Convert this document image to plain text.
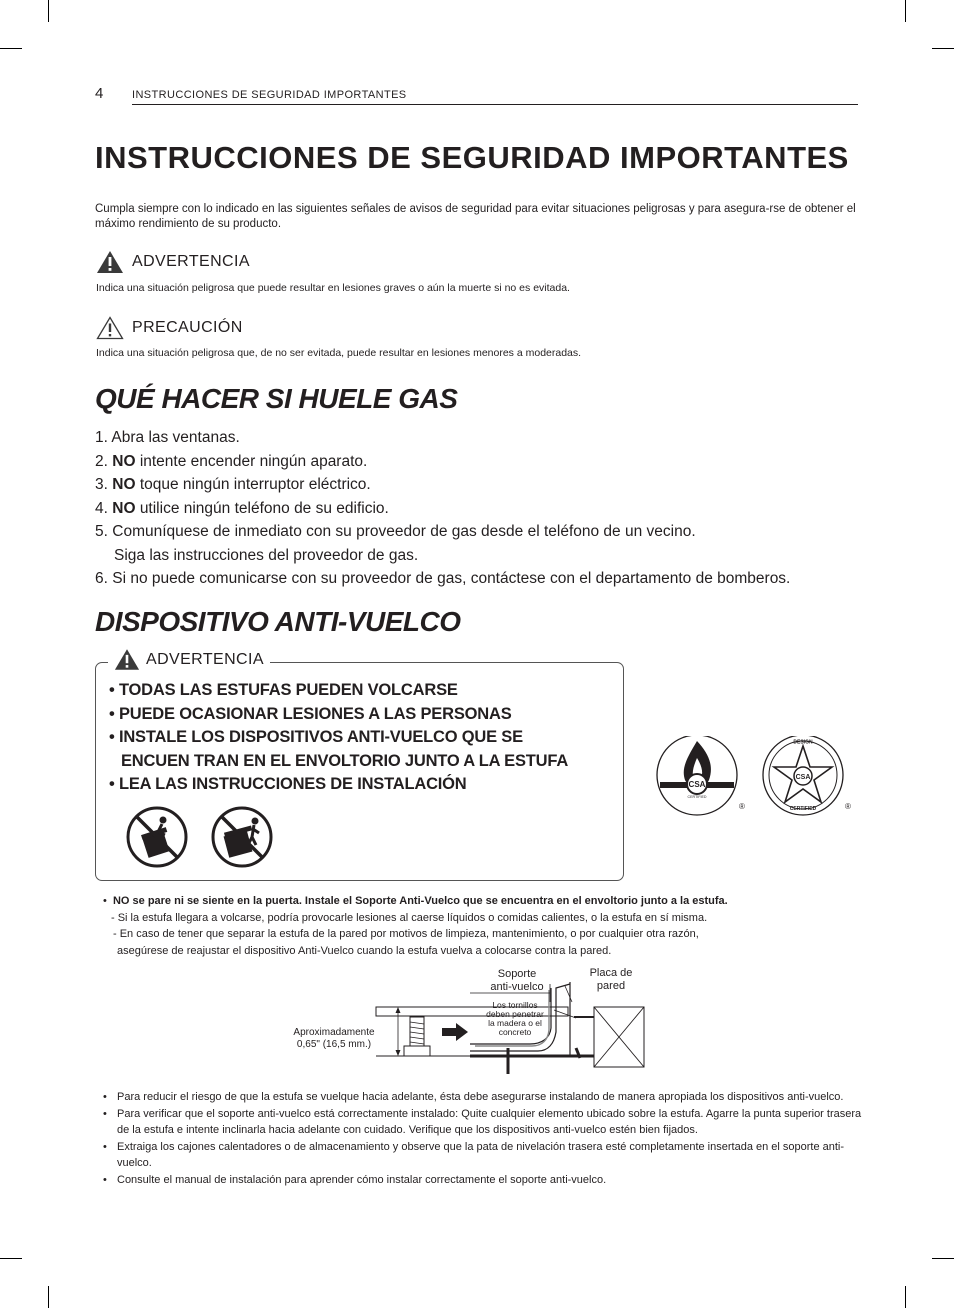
4	INSTRUCCIONES DE SEGURIDAD IMPORTANTES
INSTRUCCIONES DE SEGURIDAD IMPORTANTES
Cumpla siempre con lo indicado en las siguientes señales de avisos de seguridad para evitar situaciones peligrosas y para asegura-rse de obtener el máximo rendimiento de su producto.
ADVERTENCIA
Indica una situación peligrosa que puede resultar en lesiones graves o aún la muerte si no es evitada.
PRECAUCIÓN
Indica una situación peligrosa que, de no ser evitada, puede resultar en lesiones menores a moderadas.
QUÉ HACER SI HUELE GAS
1. Abra las ventanas.
2. NO intente encender ningún aparato.
3. NO toque ningún interruptor eléctrico.
4. NO utilice ningún teléfono de su edificio.
5. Comuníquese de inmediato con su proveedor de gas desde el teléfono de un vecino.
Siga las instrucciones del proveedor de gas.
6. Si no puede comunicarse con su proveedor de gas, contáctese con el departamento de bomberos.
DISPOSITIVO ANTI-VUELCO
ADVERTENCIA
• TODAS LAS ESTUFAS PUEDEN VOLCARSE
• PUEDE OCASIONAR LESIONES A LAS PERSONAS
• INSTALE LOS DISPOSITIVOS ANTI-VUELCO QUE SE
ENCUEN TRAN EN EL ENVOLTORIO JUNTO A LA ESTUFA
• LEA LAS INSTRUCCIONES DE INSTALACIÓN	CSA
CERTIFIED
®
CSA
DESIGN
CERTIFIED	®
•  NO se pare ni se siente en la puerta. Instale el Soporte Anti-Vuelco que se encuentra en el envoltorio junto a la estufa.
- Si la estufa llegara a volcarse, podría provocarle lesiones al caerse líquidos o comidas calientes, o la estufa en sí misma.
- En caso de tener que separar la estufa de la pared por motivos de limpieza, mantenimiento, o por cualquier otra razón,
asegúrese de reajustar el dispositivo Anti-Vuelco cuando la estufa vuelva a colocarse contra la pared.
Aproximadamente
0,65" (16,5 mm.)
Soporte
anti-vuelco
Los tornillos
deben penetrar
la madera o el
concreto
Placa de
pared
• Para reducir el riesgo de que la estufa se vuelque hacia adelante, ésta debe asegurarse instalando de manera apropiada los dispositivos anti-vuelco.
• Para verificar que el soporte anti-vuelco está correctamente instalado: Quite cualquier elemento ubicado sobre la estufa. Agarre la punta superior trasera de la estufa e intente inclinarla hacia adelante con cuidado. Verifique que los dispositivos anti-vuelco estén bien fijados.
• Extraiga los cajones calentadores o de almacenamiento y observe que la pata de nivelación trasera esté completamente insertada en el soporte anti-vuelco.
• Consulte el manual de instalación para aprender cómo instalar correctamente el soporte anti-vuelco.
